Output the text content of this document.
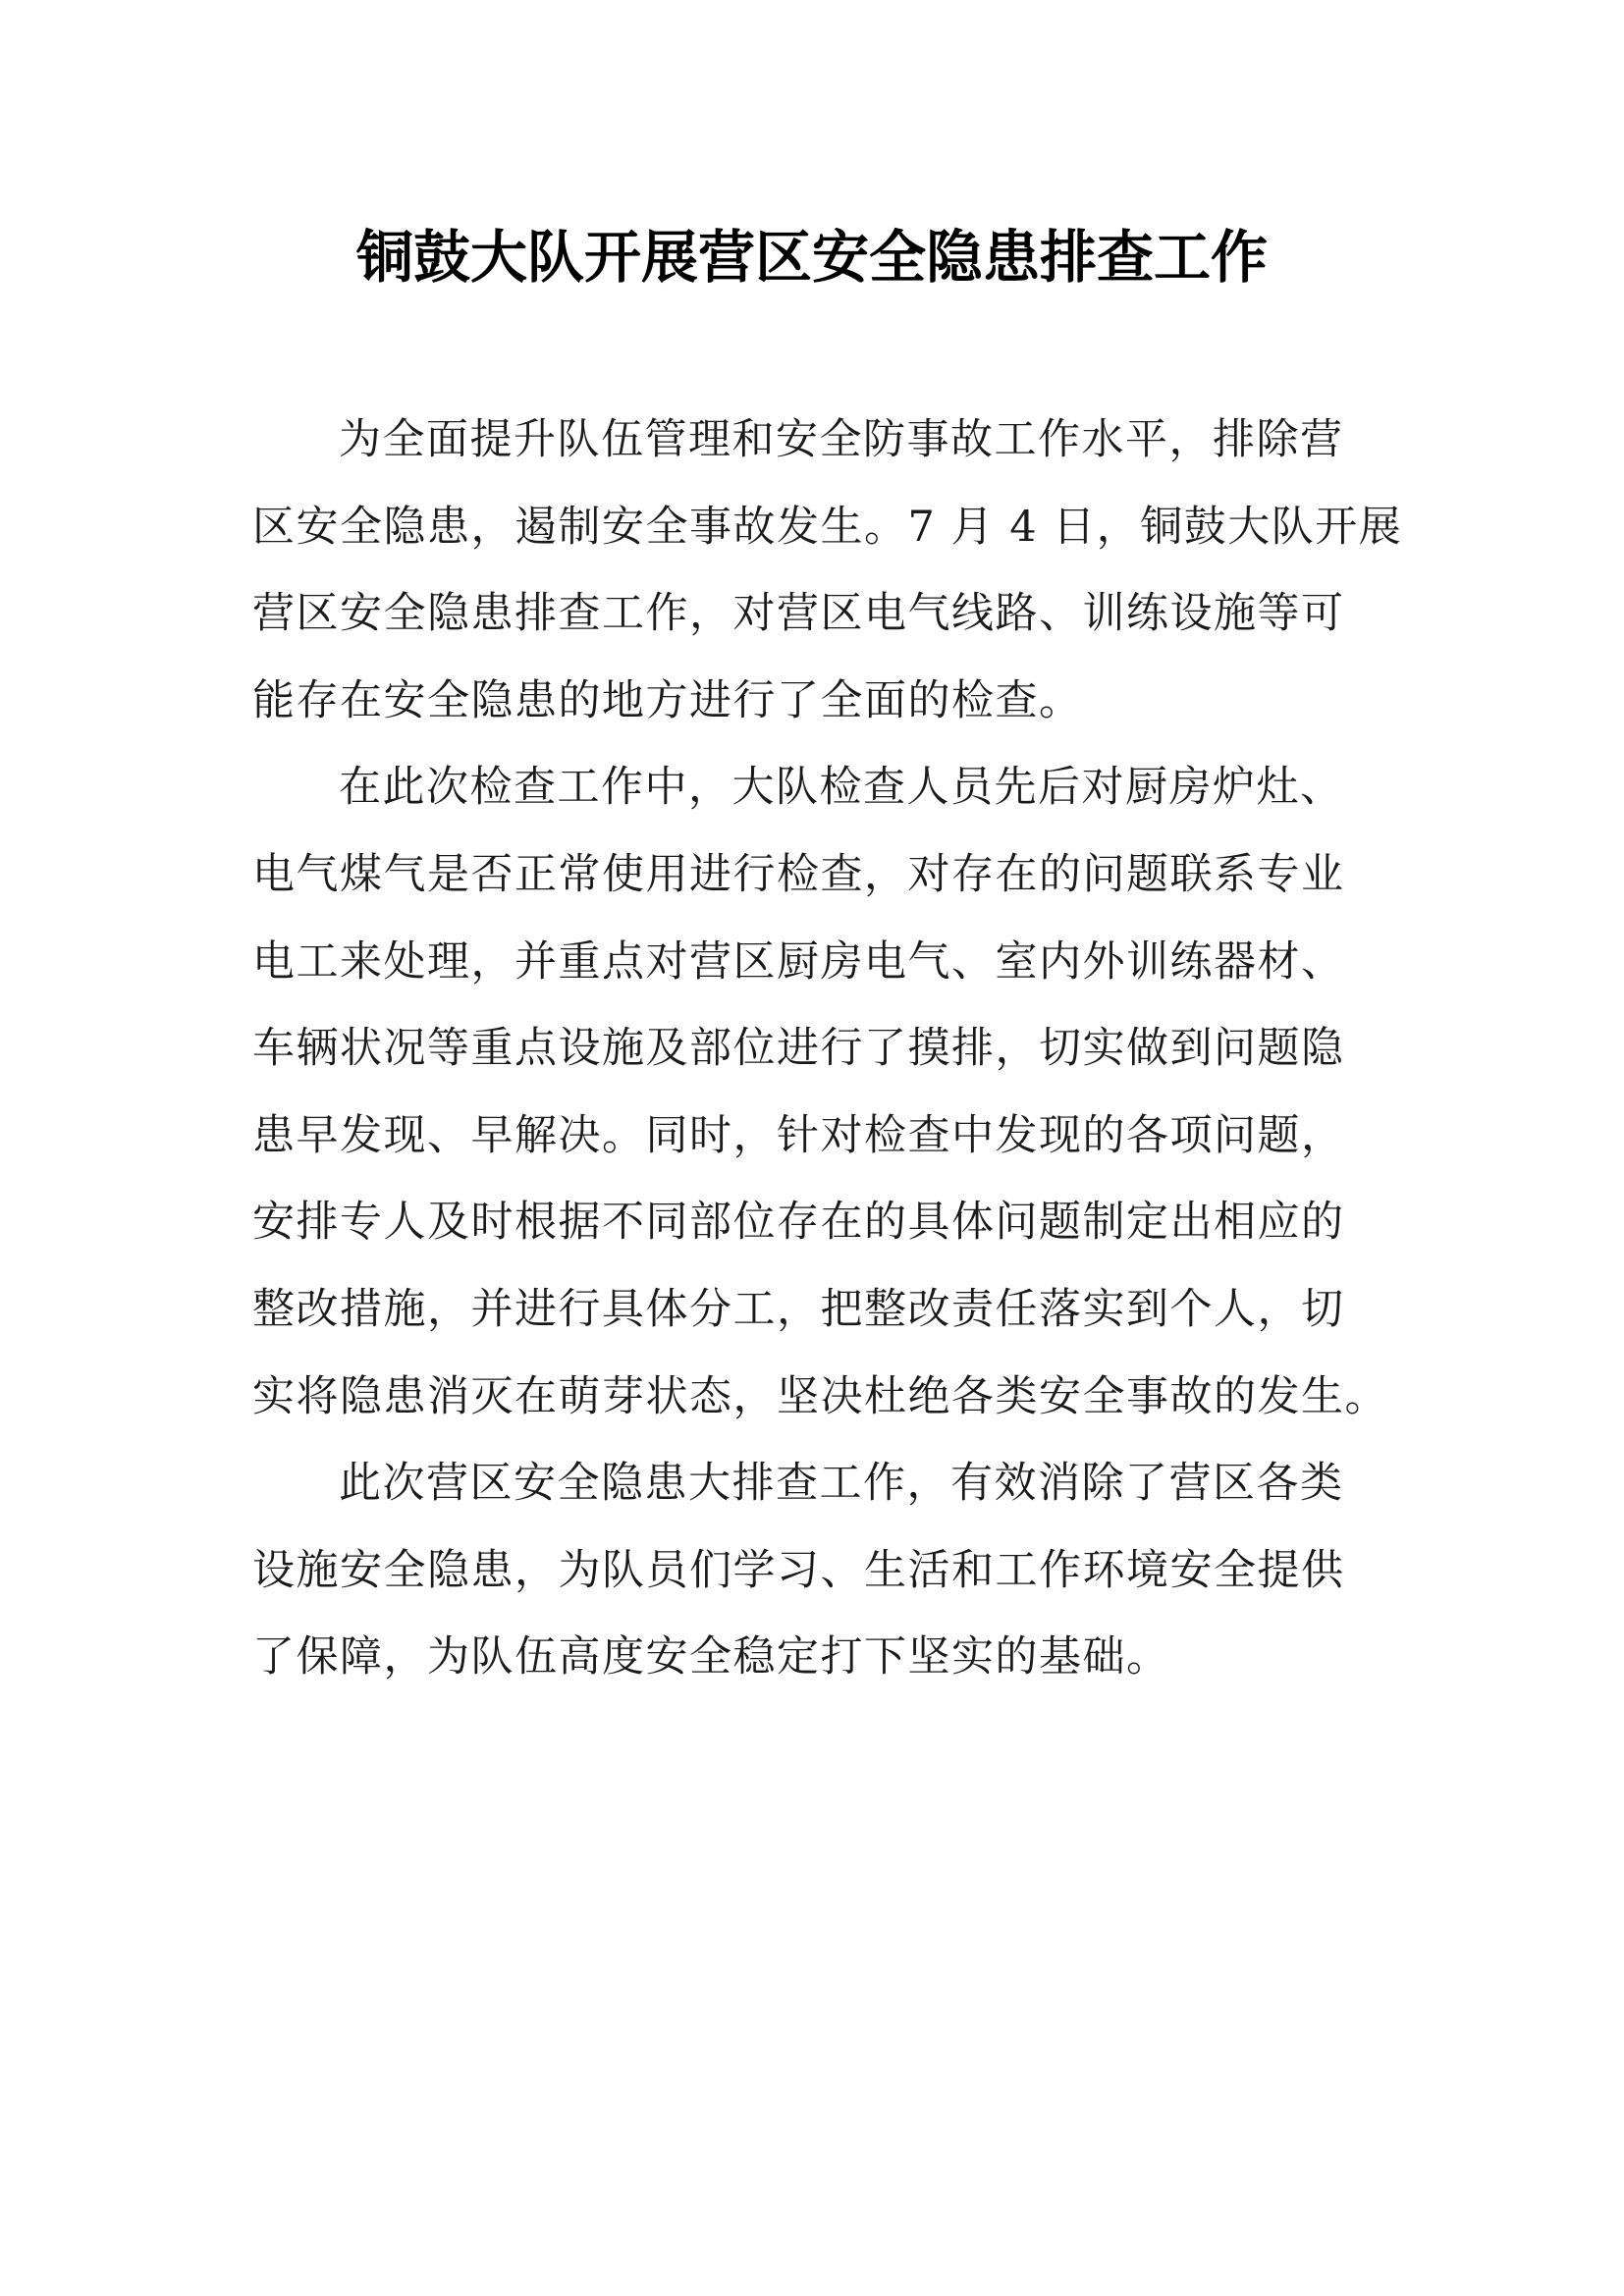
铜鼓大队开展营区安全隐患排查工作
为全面提升队伍管理和安全防事故工作水平，排除营
区安全隐患，遏制安全事故发生。7 月 4 日，铜鼓大队开展
营区安全隐患排查工作，对营区电气线路、训练设施等可
能存在安全隐患的地方进行了全面的检查。
在此次检查工作中，大队检查人员先后对厨房炉灶、
电气煤气是否正常使用进行检查，对存在的问题联系专业
电工来处理，并重点对营区厨房电气、室内外训练器材、
车辆状况等重点设施及部位进行了摸排，切实做到问题隐
患早发现、早解决。同时，针对检查中发现的各项问题，
安排专人及时根据不同部位存在的具体问题制定出相应的
整改措施，并进行具体分工，把整改责任落实到个人，切
实将隐患消灭在萌芽状态，坚决杜绝各类安全事故的发生。
此次营区安全隐患大排查工作，有效消除了营区各类
设施安全隐患，为队员们学习、生活和工作环境安全提供
了保障，为队伍高度安全稳定打下坚实的基础。
